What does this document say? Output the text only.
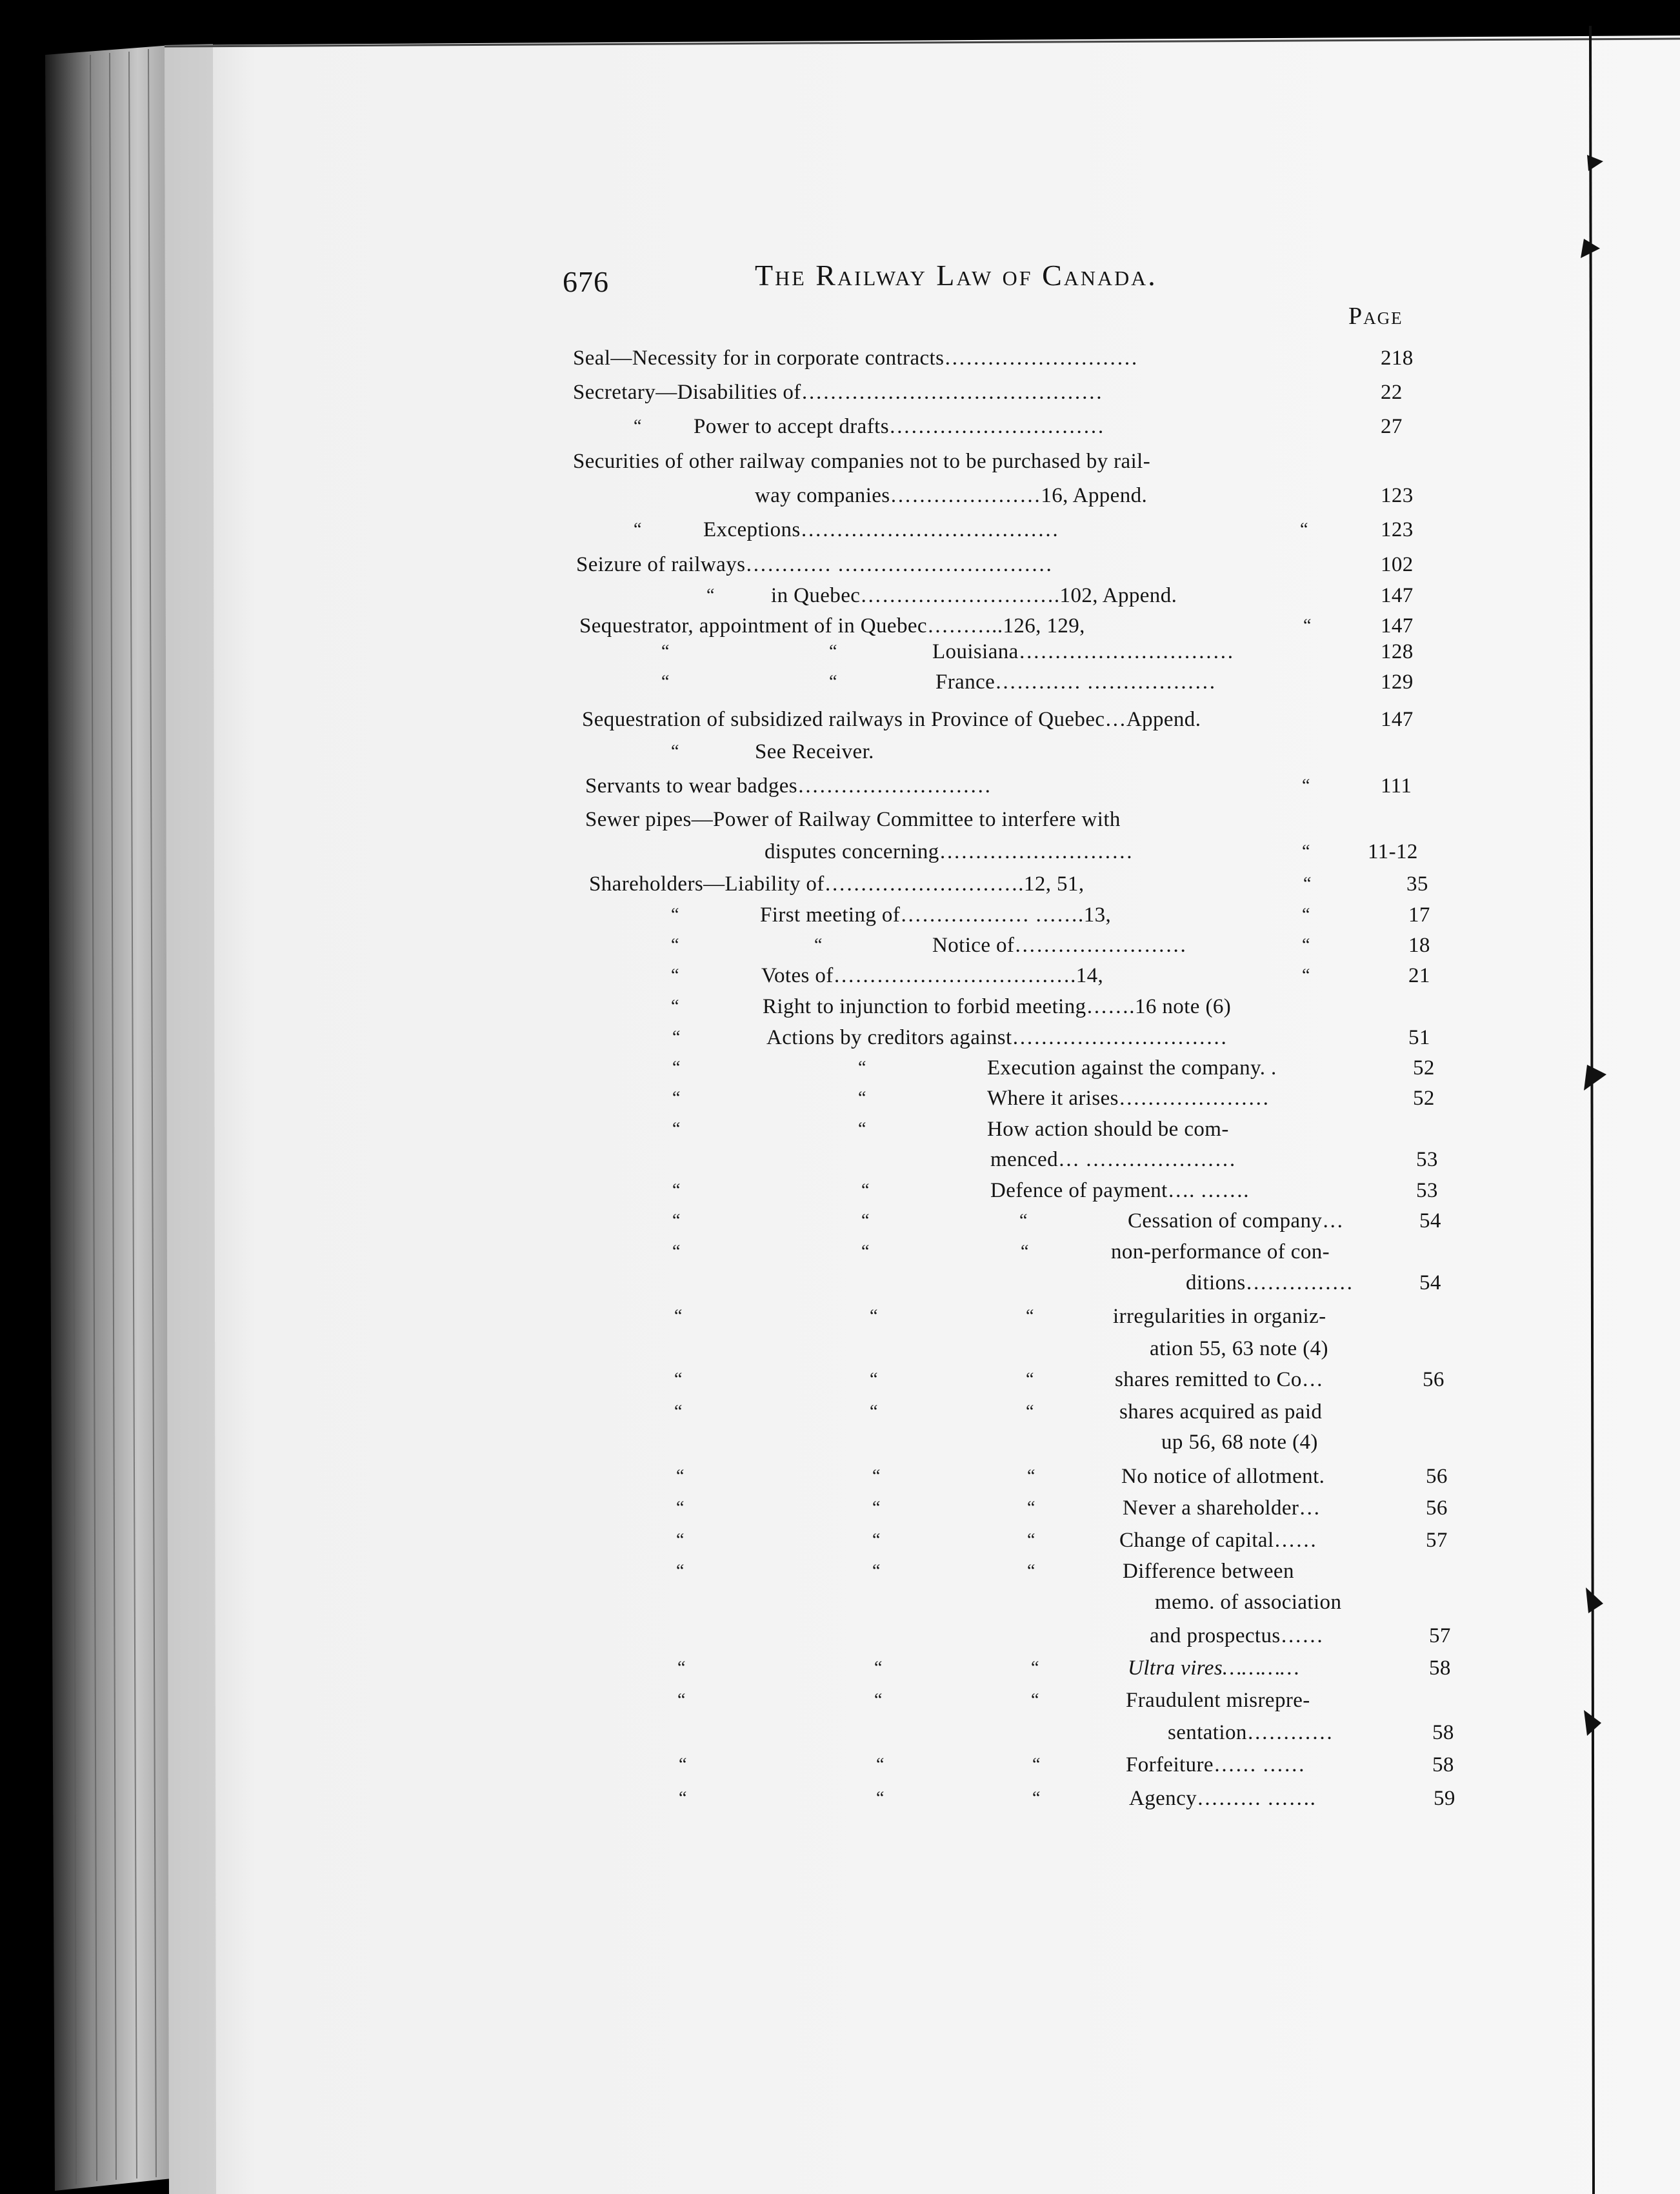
676	The Railway Law of Canada.
Page
Seal—Necessity for in corporate contracts………………………	218
Secretary—Disabilities of……………………………………	22
“ Power to accept drafts…………………………	27
Securities of other railway companies not to be purchased by rail-
way companies…………………16, Append.	123
“	Exceptions………………………………	“	123
Seizure of railways………… …………………………	102
“	in Quebec……………………….102, Append.	147
Sequestrator, appointment of in Quebec………..126, 129,	“	147
“	“	Louisiana…………………………	128
“	“	France………… ………………	129
Sequestration of subsidized railways in Province of Quebec…Append.	147
“	See Receiver.
Servants to wear badges………………………	“	111
Sewer pipes—Power of Railway Committee to interfere with
disputes concerning………………………	“	11-12
Shareholders—Liability of……………………….12, 51,	“	35
“	First meeting of……………… …….13,	“	17
“	“	Notice of……………………	“	18
“	Votes of…………………………….14,	“	21
“	Right to injunction to forbid meeting…….16 note (6)
“	Actions by creditors against…………………………	51
“	“	Execution against the company. .	52
“	“	Where it arises…………………	52
“	“	How action should be com-
menced… …………………	53
“	“	Defence of payment…. …….	53
“	“	“	Cessation of company…	54
“	“	“	non-performance of con-
ditions……………	54
“	“	“	irregularities in organiz-
ation 55, 63 note (4)
“	“	“	shares remitted to Co…	56
“	“	“	shares acquired as paid
up 56, 68 note (4)
“	“	“	No notice of allotment.	56
“	“	“	Never a shareholder…	56
“	“	“	Change of capital……	57
“	“	“	Difference between
memo. of association
and prospectus……	57
“	“	“	Ultra vires…………	58
“	“	“	Fraudulent misrepre-
sentation…………	58
“	“	“	Forfeiture…… ……	58
“	“	“	Agency……… …….	59
